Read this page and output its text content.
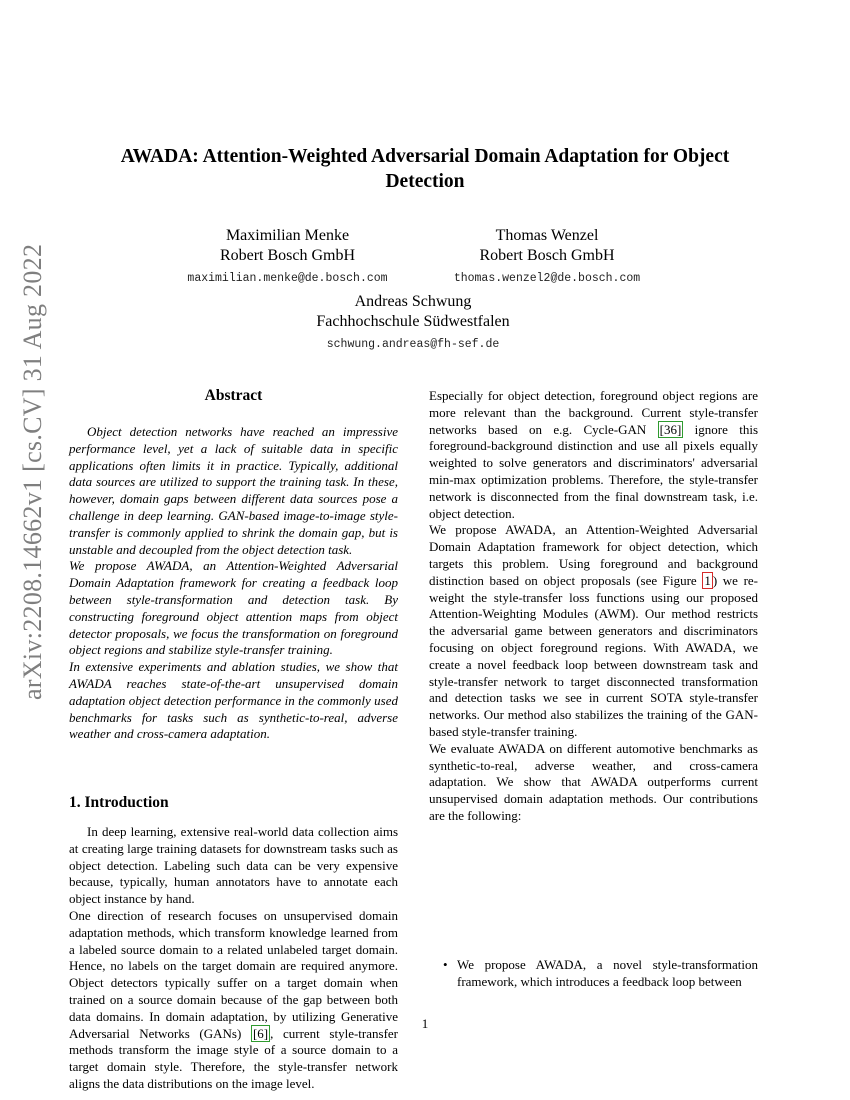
arXiv:2208.14662v1 [cs.CV] 31 Aug 2022
AWADA: Attention-Weighted Adversarial Domain Adaptation for Object Detection
Maximilian Menke
Robert Bosch GmbH
maximilian.menke@de.bosch.com
Thomas Wenzel
Robert Bosch GmbH
thomas.wenzel2@de.bosch.com
Andreas Schwung
Fachhochschule Südwestfalen
schwung.andreas@fh-sef.de
Abstract

Object detection networks have reached an impressive performance level, yet a lack of suitable data in specific applications often limits it in practice. Typically, additional data sources are utilized to support the training task. In these, however, domain gaps between different data sources pose a challenge in deep learning. GAN-based image-to-image style-transfer is commonly applied to shrink the domain gap, but is unstable and decoupled from the object detection task.

We propose AWADA, an Attention-Weighted Adversarial Domain Adaptation framework for creating a feedback loop between style-transformation and detection task. By constructing foreground object attention maps from object detector proposals, we focus the transformation on foreground object regions and stabilize style-transfer training.

In extensive experiments and ablation studies, we show that AWADA reaches state-of-the-art unsupervised domain adaptation object detection performance in the commonly used benchmarks for tasks such as synthetic-to-real, adverse weather and cross-camera adaptation.

1. Introduction

In deep learning, extensive real-world data collection aims at creating large training datasets for downstream tasks such as object detection. Labeling such data can be very expensive because, typically, human annotators have to annotate each object instance by hand.

One direction of research focuses on unsupervised domain adaptation methods, which transform knowledge learned from a labeled source domain to a related unlabeled target domain. Hence, no labels on the target domain are required anymore. Object detectors typically suffer on a target domain when trained on a source domain because of the gap between both data domains. In domain adaptation, by utilizing Generative Adversarial Networks (GANs) [6] , current style-transfer methods transform the image style of a source domain to a target domain style. Therefore, the style-transfer network aligns the data distributions on the image level.

Especially for object detection, foreground object regions are more relevant than the background. Current style-transfer networks based on e.g. Cycle-GAN [36] ignore this foreground-background distinction and use all pixels equally weighted to solve generators and discriminators' adversarial min-max optimization problems. Therefore, the style-transfer network is disconnected from the final downstream task, i.e. object detection.

We propose AWADA, an Attention-Weighted Adversarial Domain Adaptation framework for object detection, which targets this problem. Using foreground and background distinction based on object proposals (see Figure 1 ) we re-weight the style-transfer loss functions using our proposed Attention-Weighting Modules (AWM). Our method restricts the adversarial game between generators and discriminators focusing on object foreground regions. With AWADA, we create a novel feedback loop between downstream task and style-transfer network to target disconnected transformation and detection tasks we see in current SOTA style-transfer networks. Our method also stabilizes the training of the GAN-based style-transfer training.

We evaluate AWADA on different automotive benchmarks as synthetic-to-real, adverse weather, and cross-camera adaptation. We show that AWADA outperforms current unsupervised domain adaptation methods. Our contributions are the following:

• We propose AWADA, a novel style-transformation framework, which introduces a feedback loop between
1
